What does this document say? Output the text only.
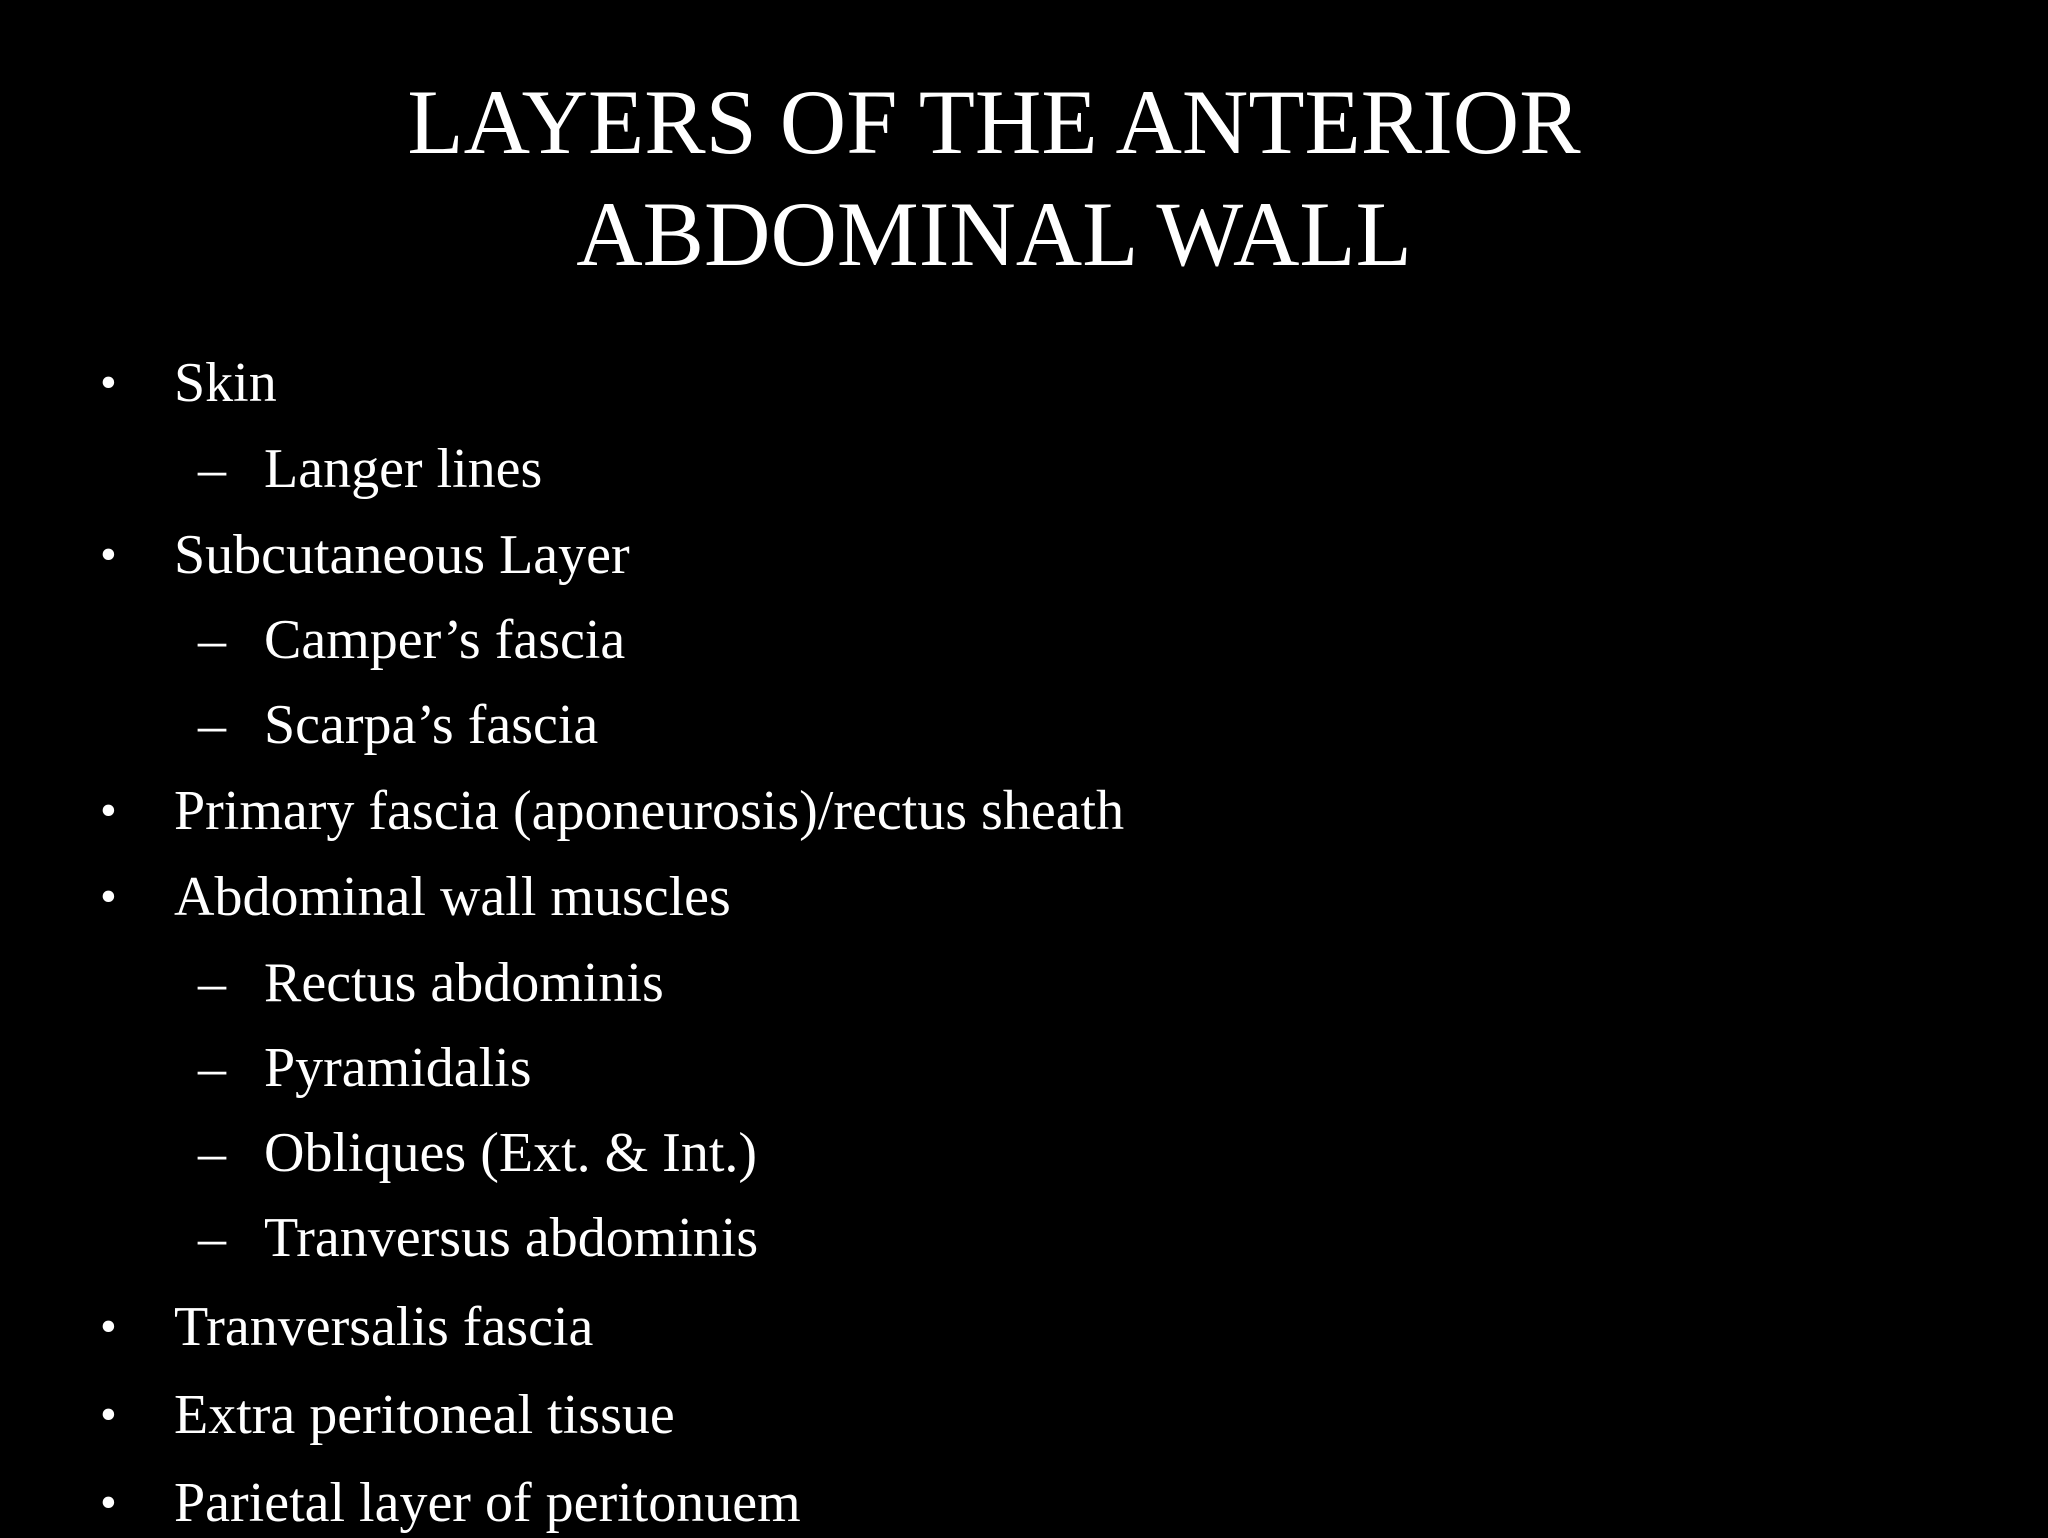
LAYERS OF THE ANTERIOR
ABDOMINAL WALL
• Skin
– Langer lines
• Subcutaneous Layer
– Camper’s fascia
– Scarpa’s fascia
• Primary fascia (aponeurosis)/rectus sheath
• Abdominal wall muscles
– Rectus abdominis
– Pyramidalis
– Obliques (Ext. & Int.)
– Tranversus abdominis
• Tranversalis fascia
• Extra peritoneal tissue
• Parietal layer of peritonuem
